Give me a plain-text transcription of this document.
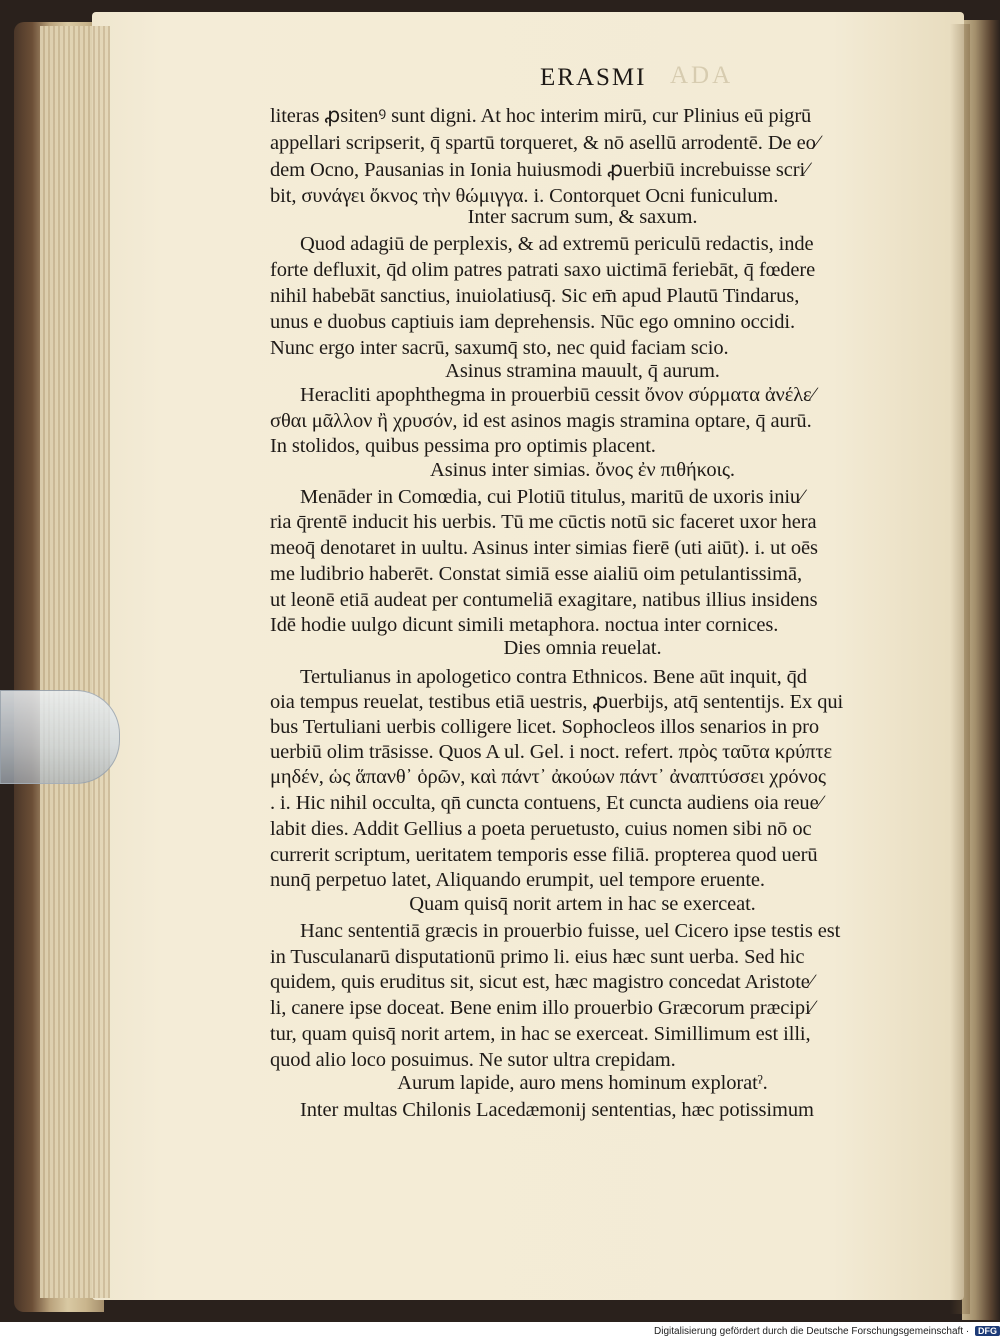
ERASMI ADA
literas ꝓsitenꝰ sunt digni. At hoc interim mirū, cur Plinius eū pigrū
appellari scripserit, q̄ spartū torqueret, & nō asellū arrodentē. De eo∕
dem Ocno, Pausanias in Ionia huiusmodi ꝓuerbiū increbuisse scri∕
bit, συνάγει ὄκνος τὴν θώμιγγα. i. Contorquet Ocni funiculum.
Inter sacrum sum, & saxum.
Quod adagiū de perplexis, & ad extremū periculū redactis, inde
forte defluxit, q̄d olim patres patrati saxo uictimā feriebāt, q̄ fœdere
nihil habebāt sanctius, inuiolatiusq̄. Sic em̄ apud Plautū Tindarus,
unus e duobus captiuis iam deprehensis. Nūc ego omnino occidi.
Nunc ergo inter sacrū, saxumq̄ sto, nec quid faciam scio.
Asinus stramina mauult, q̄ aurum.
Heracliti apophthegma in prouerbiū cessit ὄνον σύρματα ἀνέλε∕
σθαι μᾶλλον ἢ χρυσόν, id est asinos magis stramina optare, q̄ aurū.
In stolidos, quibus pessima pro optimis placent.
Asinus inter simias. ὄνος ἐν πιθήκοις.
Menāder in Comœdia, cui Plotiū titulus, maritū de uxoris iniu∕
ria q̄rentē inducit his uerbis. Tū me cūctis notū sic faceret uxor hera
meoq̄ denotaret in uultu. Asinus inter simias fierē (uti aiūt). i. ut oēs
me ludibrio haberēt. Constat simiā esse aialiū oim petulantissimā,
ut leonē etiā audeat per contumeliā exagitare, natibus illius insidens
Idē hodie uulgo dicunt simili metaphora. noctua inter cornices.
Dies omnia reuelat.
Tertulianus in apologetico contra Ethnicos. Bene aūt inquit, q̄d
oia tempus reuelat, testibus etiā uestris, ꝓuerbijs, atq̄ sententijs. Ex qui
bus Tertuliani uerbis colligere licet. Sophocleos illos senarios in pro
uerbiū olim trāsisse. Quos A ul. Gel. i noct. refert. πρὸς ταῦτα κρύπτε
μηδέν, ὡς ἅπανθ᾽ ὁρῶν, καὶ πάντ᾽ ἀκούων πάντ᾽ ἀναπτύσσει χρόνος
. i. Hic nihil occulta, qn̄ cuncta contuens, Et cuncta audiens oia reue∕
labit dies. Addit Gellius a poeta peruetusto, cuius nomen sibi nō oc
currerit scriptum, ueritatem temporis esse filiā. propterea quod uerū
nunq̄ perpetuo latet, Aliquando erumpit, uel tempore eruente.
Quam quisq̄ norit artem in hac se exerceat.
Hanc sententiā græcis in prouerbio fuisse, uel Cicero ipse testis est
in Tusculanarū disputationū primo li. eius hæc sunt uerba. Sed hic
quidem, quis eruditus sit, sicut est, hæc magistro concedat Aristote∕
li, canere ipse doceat. Bene enim illo prouerbio Græcorum præcipi∕
tur, quam quisq̄ norit artem, in hac se exerceat. Simillimum est illi,
quod alio loco posuimus. Ne sutor ultra crepidam.
Aurum lapide, auro mens hominum exploratˀ.
Inter multas Chilonis Lacedæmonij sententias, hæc potissimum
Digitalisierung gefördert durch die Deutsche Forschungsgemeinschaft · DFG
